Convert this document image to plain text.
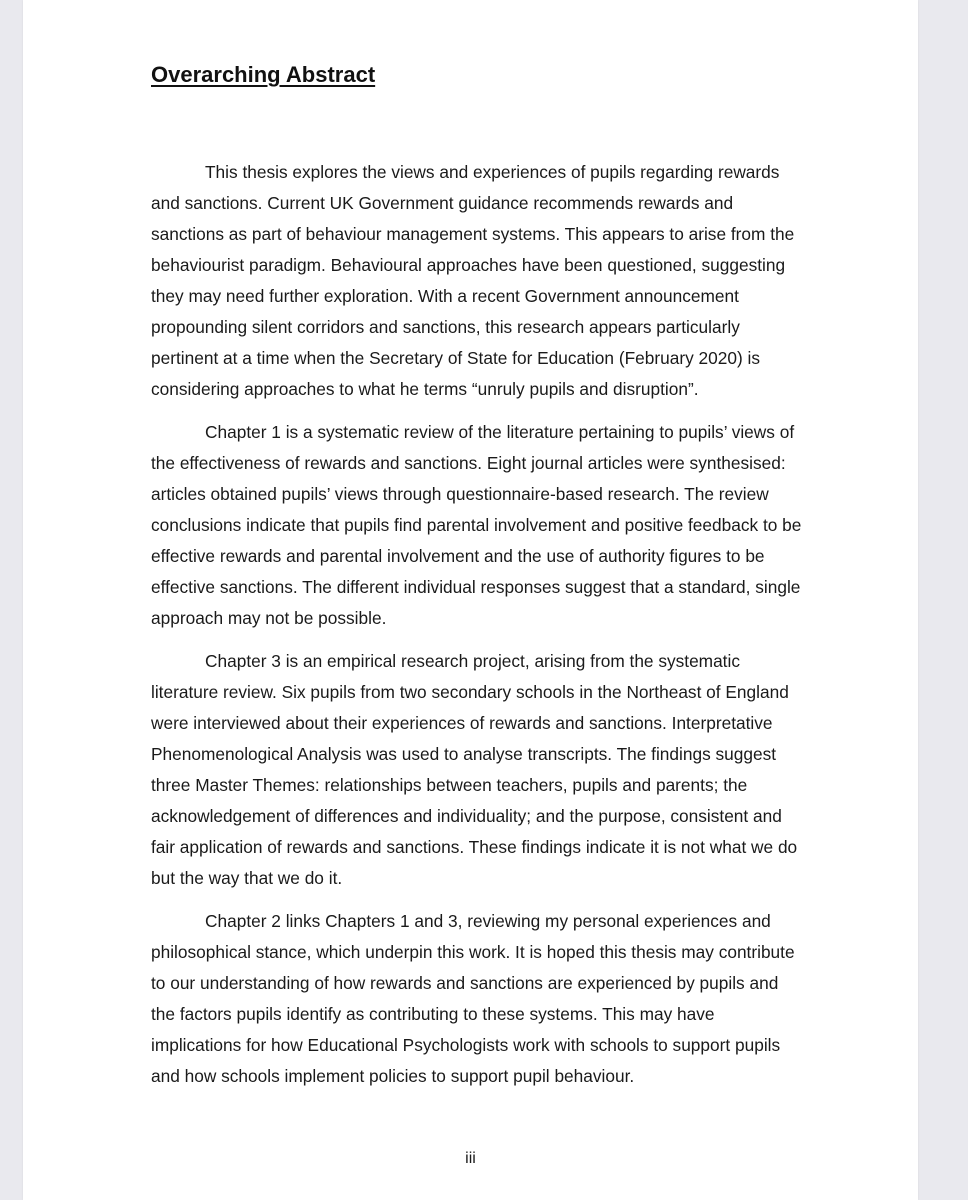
Overarching Abstract

This thesis explores the views and experiences of pupils regarding rewards
and sanctions. Current UK Government guidance recommends rewards and
sanctions as part of behaviour management systems. This appears to arise from the
behaviourist paradigm. Behavioural approaches have been questioned, suggesting
they may need further exploration. With a recent Government announcement
propounding silent corridors and sanctions, this research appears particularly
pertinent at a time when the Secretary of State for Education (February 2020) is
considering approaches to what he terms “unruly pupils and disruption”.

Chapter 1 is a systematic review of the literature pertaining to pupils’ views of
the effectiveness of rewards and sanctions. Eight journal articles were synthesised:
articles obtained pupils’ views through questionnaire-based research. The review
conclusions indicate that pupils find parental involvement and positive feedback to be
effective rewards and parental involvement and the use of authority figures to be
effective sanctions. The different individual responses suggest that a standard, single
approach may not be possible.

Chapter 3 is an empirical research project, arising from the systematic
literature review. Six pupils from two secondary schools in the Northeast of England
were interviewed about their experiences of rewards and sanctions. Interpretative
Phenomenological Analysis was used to analyse transcripts. The findings suggest
three Master Themes: relationships between teachers, pupils and parents; the
acknowledgement of differences and individuality; and the purpose, consistent and
fair application of rewards and sanctions. These findings indicate it is not what we do
but the way that we do it.

Chapter 2 links Chapters 1 and 3, reviewing my personal experiences and
philosophical stance, which underpin this work. It is hoped this thesis may contribute
to our understanding of how rewards and sanctions are experienced by pupils and
the factors pupils identify as contributing to these systems. This may have
implications for how Educational Psychologists work with schools to support pupils
and how schools implement policies to support pupil behaviour.

iii
